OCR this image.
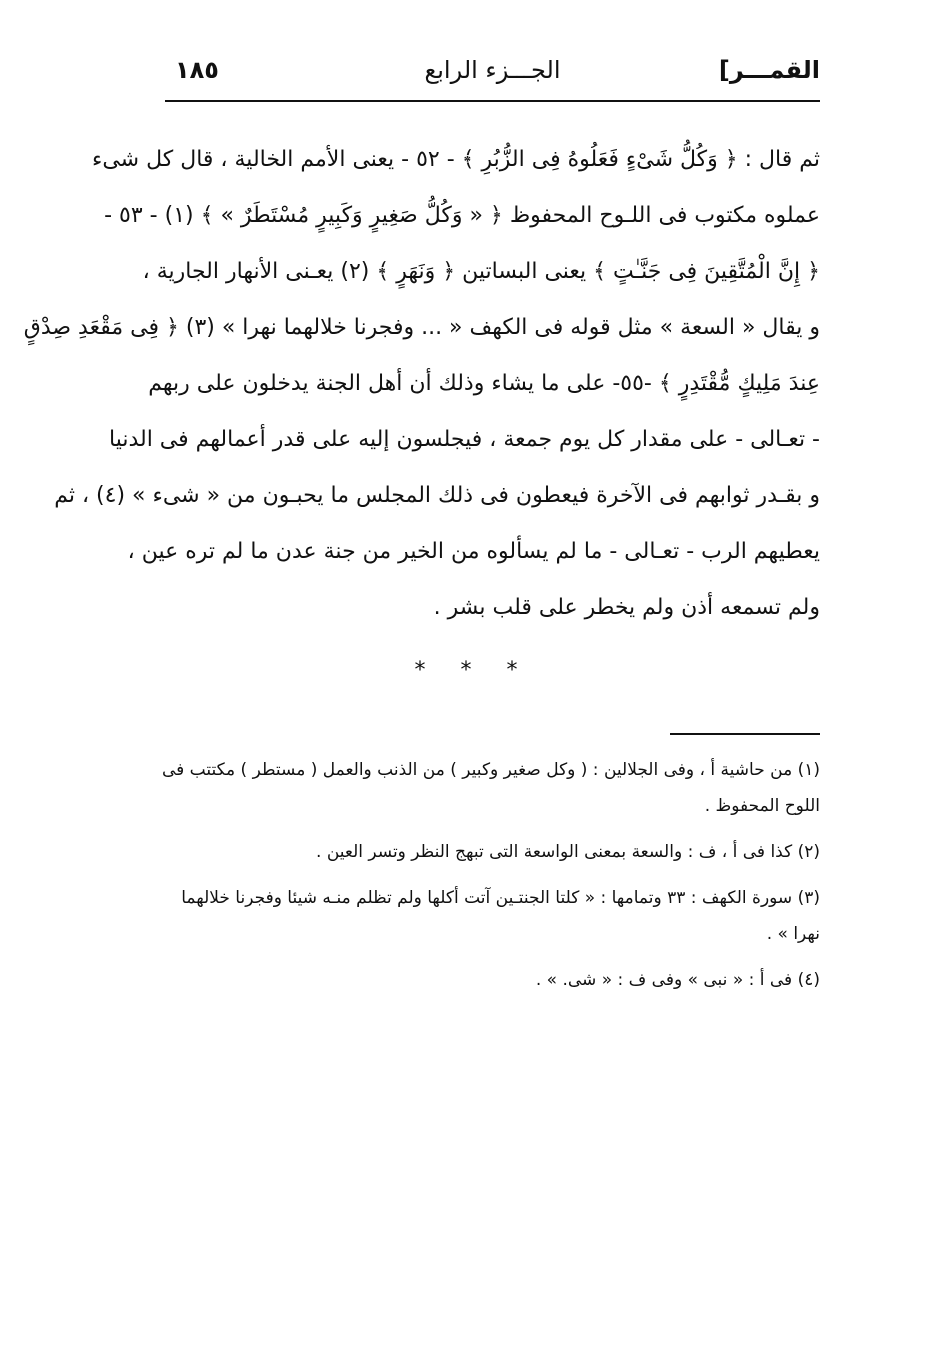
١٨٥	الجـــزء الرابع	القمـــر]
ثم قال : ﴿ وَكُلُّ شَىْءٍ فَعَلُوهُ فِى الزُّبُرِ ﴾ - ٥٢ - يعنى الأمم الخالية ، قال كل شىء
عملوه مكتوب فى اللـوح المحفوظ ﴿ « وَكُلُّ صَغِيرٍ وَكَبِيرٍ مُسْتَطَرٌ » ﴾ (١) - ٥٣ -
﴿ إِنَّ الْمُتَّقِينَ فِى جَنَّـٰتٍ ﴾ يعنى البساتين ﴿ وَنَهَرٍ ﴾ (٢) يعـنى الأنهار الجارية ،
و يقال « السعة » مثل قوله فى الكهف « ... وفجرنا خلالهما نهرا » (٣) ﴿ فِى مَقْعَدِ صِدْقٍ
عِندَ مَلِيكٍ مُّقْتَدِرٍ ﴾ -٥٥- على ما يشاء وذلك أن أهل الجنة يدخلون على ربهم
- تعـالى - على مقدار كل يوم جمعة ، فيجلسون إليه على قدر أعمالهم فى الدنيا
و بقـدر ثوابهم فى الآخرة فيعطون فى ذلك المجلس ما يحبـون من « شىء » (٤) ، ثم
يعطيهم الرب - تعـالى - ما لم يسألوه من الخير من جنة عدن ما لم تره عين ،
ولم تسمعه أذن ولم يخطر على قلب بشر .
* * *
(١) من حاشية أ ، وفى الجلالين : ( وكل صغير وكبير ) من الذنب والعمل ( مستطر ) مكتتب فى اللوح المحفوظ .
(٢) كذا فى أ ، ف : والسعة بمعنى الواسعة التى تبهج النظر وتسر العين .
(٣) سورة الكهف : ٣٣ وتمامها : « كلتا الجنتـين آتت أكلها ولم تظلم منـه شيئا وفجرنا خلالهما نهرا » .
(٤) فى أ : « نبى » وفى ف : « شى. » .
